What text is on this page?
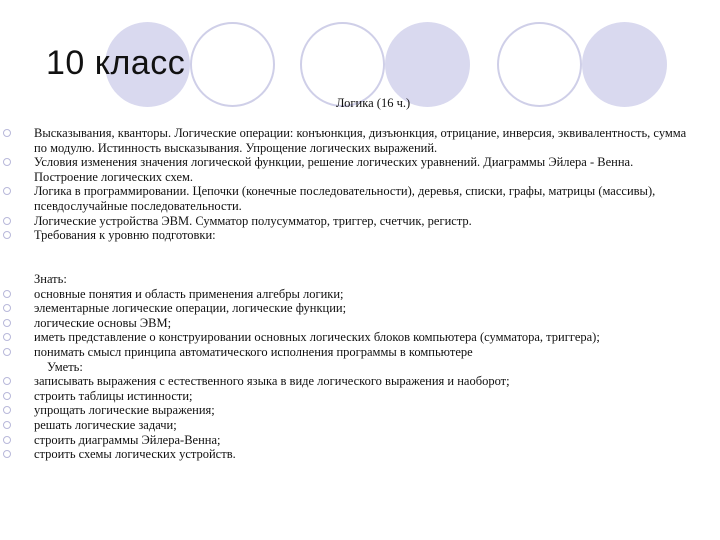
10 класс
Логика (16 ч.)
Высказывания, кванторы. Логические операции: конъюнкция, дизъюнкция, отрицание, инверсия, эквивалентность, сумма по модулю. Истинность высказывания. Упрощение логических выражений.
Условия изменения значения логической функции, решение логических уравнений. Диаграммы Эйлера - Венна. Построение логических схем.
Логика в программировании. Цепочки (конечные последовательности), деревья, списки, графы, матрицы (массивы), псевдослучайные последовательности.
Логические устройства ЭВМ. Сумматор полусумматор, триггер, счетчик, регистр.
Требования к уровню подготовки:
Знать:
основные понятия и область применения алгебры логики;
элементарные логические операции, логические функции;
логические основы ЭВМ;
иметь представление о конструировании основных логических блоков компьютера (сумматора, триггера);
понимать смысл принципа автоматического исполнения программы в компьютере
Уметь:
записывать выражения с естественного языка в виде логического выражения и наоборот;
строить таблицы истинности;
упрощать логические выражения;
решать логические задачи;
строить диаграммы Эйлера-Венна;
строить схемы логических устройств.
